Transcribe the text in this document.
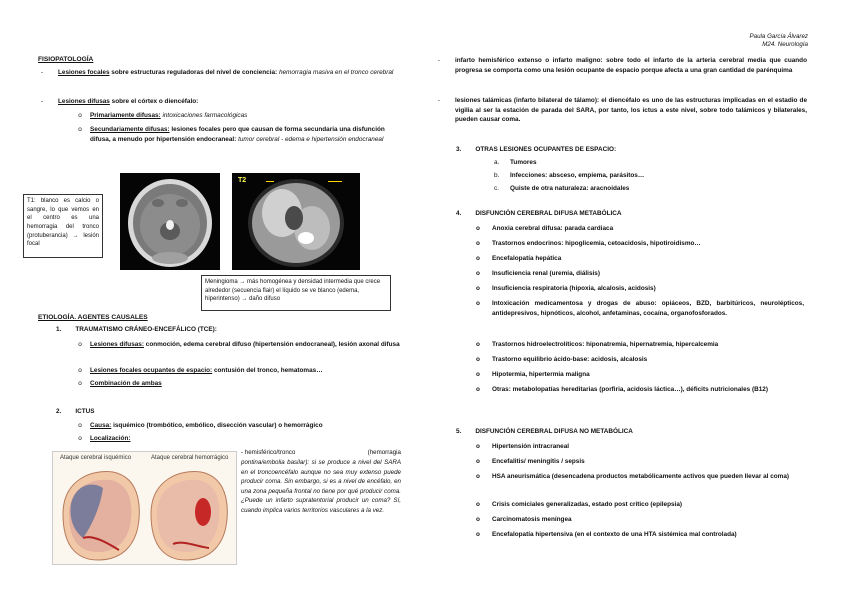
Paula García Álvarez
M24. Neurología
FISIOPATOLOGÍA
-	Lesiones focales sobre estructuras reguladoras del nivel de conciencia: hemorragia masiva en el tronco cerebral
-	Lesiones difusas sobre el córtex o diencéfalo:
o	Primariamente difusas: intoxicaciones farmacológicas
o	Secundariamente difusas: lesiones focales pero que causan de forma secundaria una disfunción difusa, a menudo por hipertensión endocraneal: tumor cerebral - edema e hipertensión endocraneal
T1: blanco es calcio o sangre, lo que vemos en el centro es una hemorragia del tronco (protuberancia) → lesión focal
T2
Meningioma → más homogénea y densidad intermedia que crece alrededor (secuencia flair) el líquido se ve blanco (edema, hiperintenso) → daño difuso
ETIOLOGÍA. AGENTES CAUSALES
1. TRAUMATISMO CRÁNEO-ENCEFÁLICO (TCE):
o	Lesiones difusas: conmoción, edema cerebral difuso (hipertensión endocraneal), lesión axonal difusa
o	Lesiones focales ocupantes de espacio: contusión del tronco, hematomas…
o	Combinación de ambas
2. ICTUS
o	Causa: isquémico (trombótico, embólico, disección vascular) o hemorrágico
o	Localización:
Ataque cerebral isquémico	Ataque cerebral hemorrágico
- hemisférico/tronco	(hemorragia
pontina/embolia basilar): si se produce a nivel del SARA en el troncoencéfalo aunque no sea muy extenso puede producir coma. Sin embargo, si es a nivel de encéfalo, en una zona pequeña frontal no tiene por qué producir coma. ¿Puede un infarto supratentorial producir un coma? Sí, cuando implica varios territorios vasculares a la vez.
-	infarto hemisférico extenso o infarto maligno: sobre todo el infarto de la arteria cerebral media que cuando progresa se comporta como una lesión ocupante de espacio porque afecta a una gran cantidad de parénquima
-	lesiones talámicas (infarto bilateral de tálamo): el diencéfalo es uno de las estructuras implicadas en el estadio de vigilia al ser la estación de parada del SARA, por tanto, los ictus a este nivel, sobre todo talámicos y bilaterales, pueden causar coma.
3. OTRAS LESIONES OCUPANTES DE ESPACIO:
a. Tumores
b. Infecciones: absceso, empiema, parásitos…
c. Quiste de otra naturaleza: aracnoidales
4. DISFUNCIÓN CEREBRAL DIFUSA METABÓLICA
o	Anoxia cerebral difusa: parada cardiaca
o	Trastornos endocrinos: hipoglicemia, cetoacidosis, hipotiroidismo…
o	Encefalopatía hepática
o	Insuficiencia renal (uremia, diálisis)
o	Insuficiencia respiratoria (hipoxia, alcalosis, acidosis)
o	Intoxicación medicamentosa y drogas de abuso: opiáceos, BZD, barbitúricos, neurolépticos, antidepresivos, hipnóticos, alcohol, anfetaminas, cocaína, organofosforados.
o	Trastornos hidroelectrolíticos: hiponatremia, hipernatremia, hipercalcemia
o	Trastorno equilibrio ácido-base: acidosis, alcalosis
o	Hipotermia, hipertermia maligna
o	Otras: metabolopatías hereditarias (porfiria, acidosis láctica…), déficits nutricionales (B12)
5. DISFUNCIÓN CEREBRAL DIFUSA NO METABÓLICA
o	Hipertensión intracraneal
o	Encefalitis/ meningitis / sepsis
o	HSA aneurismática (desencadena productos metabólicamente activos que pueden llevar al coma)
o	Crisis comiciales generalizadas, estado post crítico (epilepsia)
o	Carcinomatosis meníngea
o	Encefalopatía hipertensiva (en el contexto de una HTA sistémica mal controlada)
